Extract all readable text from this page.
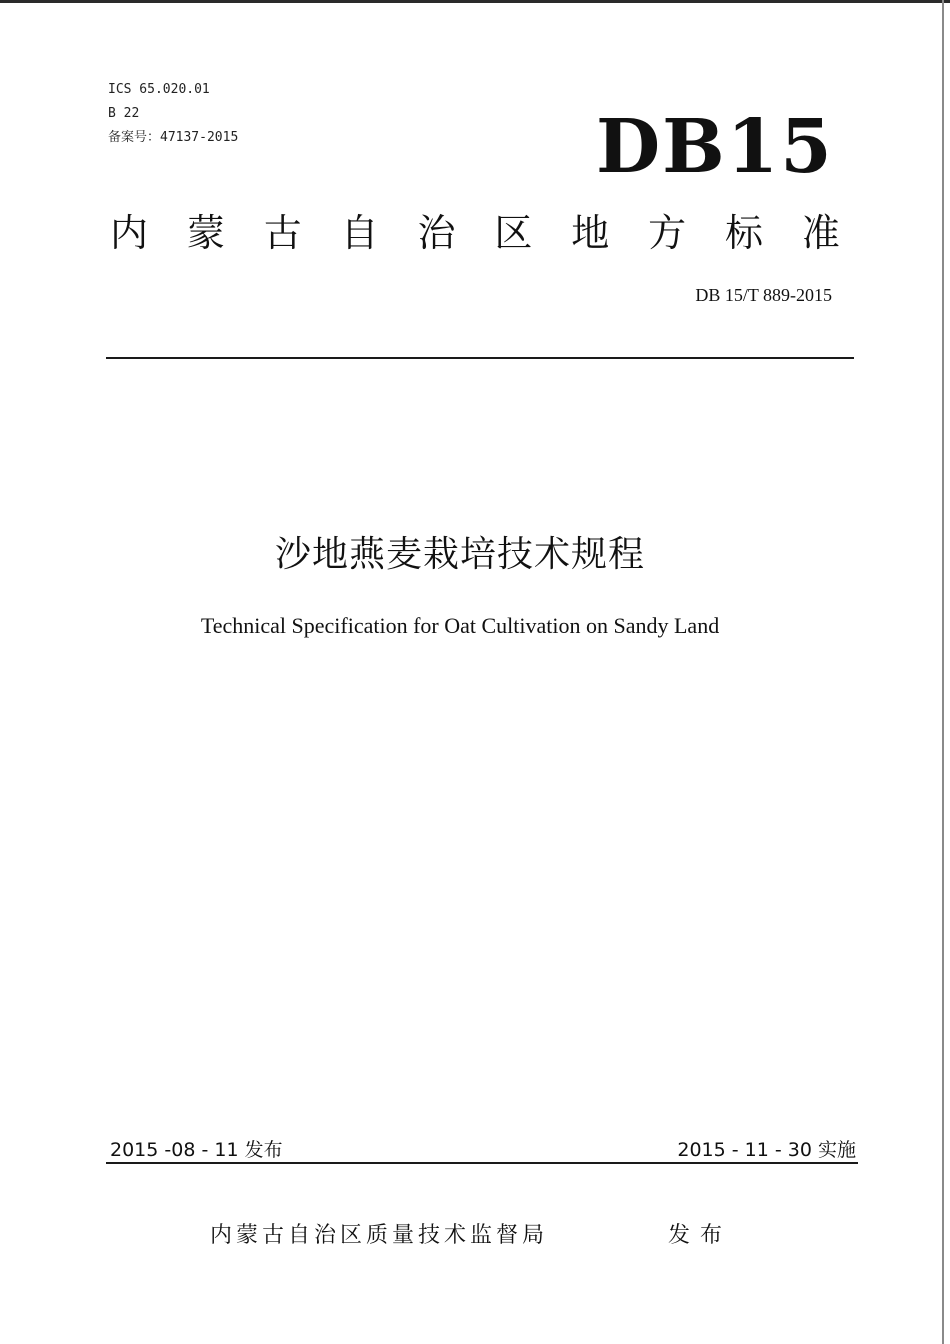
ICS 65.020.01
B 22
备案号：47137-2015	DB15
内 蒙 古 自 治 区 地 方 标 准
DB 15/T 889-2015
沙地燕麦栽培技术规程
Technical Specification for Oat Cultivation on Sandy Land
2015 -08 - 11 发布	2015 - 11 - 30 实施
内蒙古自治区质量技术监督局	发布
